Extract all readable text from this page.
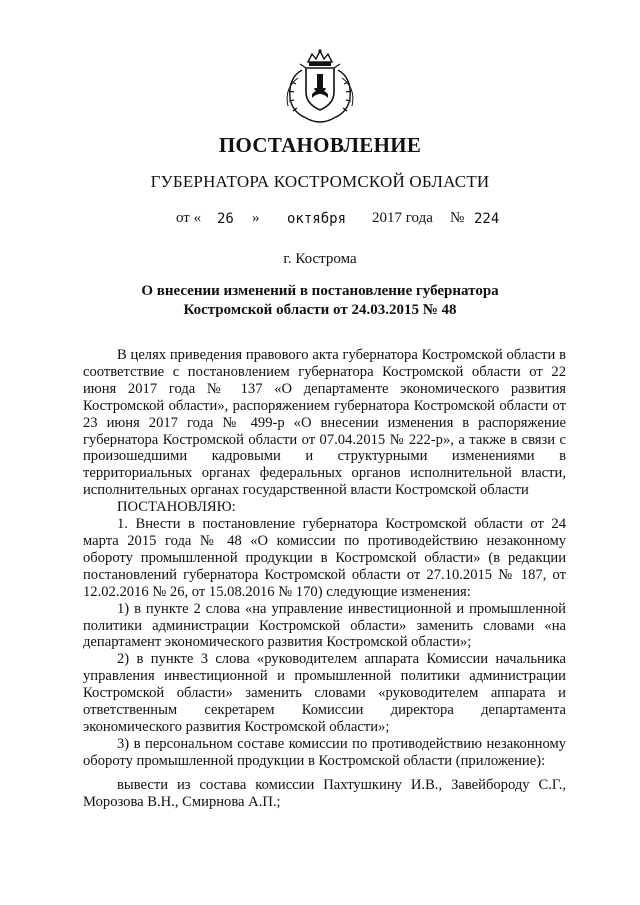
ПОСТАНОВЛЕНИЕ
ГУБЕРНАТОРА КОСТРОМСКОЙ ОБЛАСТИ
от « 26 » октября 2017 года № 224
г. Кострома
О внесении изменений в постановление губернатора
Костромской области от 24.03.2015 № 48

В целях приведения правового акта губернатора Костромской области в соответствие с постановлением губернатора Костромской области от 22 июня 2017 года № 137 «О департаменте экономического развития Костромской области», распоряжением губернатора Костромской области от 23 июня 2017 года № 499-р «О внесении изменения в распоряжение губернатора Костромской области от 07.04.2015 № 222-р», а также в связи с произошедшими кадровыми и структурными изменениями в территориальных органах федеральных органов исполнительной власти, исполнительных органах государственной власти Костромской области

ПОСТАНОВЛЯЮ:

1. Внести в постановление губернатора Костромской области от 24 марта 2015 года № 48 «О комиссии по противодействию незаконному обороту промышленной продукции в Костромской области» (в редакции постановлений губернатора Костромской области от 27.10.2015 № 187, от 12.02.2016 № 26, от 15.08.2016 № 170) следующие изменения:

1) в пункте 2 слова «на управление инвестиционной и промышленной политики администрации Костромской области» заменить словами «на департамент экономического развития Костромской области»;

2) в пункте 3 слова «руководителем аппарата Комиссии начальника управления инвестиционной и промышленной политики администрации Костромской области» заменить словами «руководителем аппарата и ответственным секретарем Комиссии директора департамента экономического развития Костромской области»;

3) в персональном составе комиссии по противодействию незаконному обороту промышленной продукции в Костромской области (приложение):

вывести из состава комиссии Пахтушкину И.В., Завейбороду С.Г., Морозова В.Н., Смирнова А.П.;
